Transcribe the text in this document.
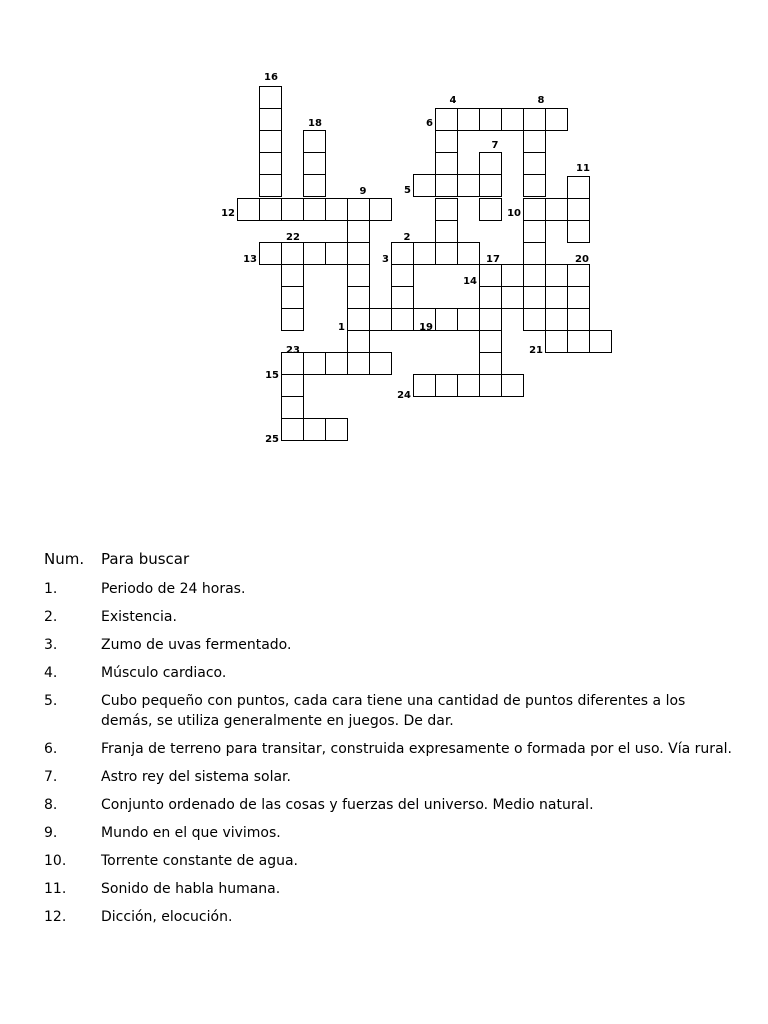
16
4	8
18	6
7
11
9	5
12	10
22	2
13	3	17	20
14
1	19
23	21
15
24
25
Num.	Para buscar
1.	Periodo de 24 horas.
2.	Existencia.
3.	Zumo de uvas fermentado.
4.	Músculo cardiaco.
5.	Cubo pequeño con puntos, cada cara tiene una cantidad de puntos diferentes a los demás, se utiliza generalmente en juegos. De dar.
6.	Franja de terreno para transitar, construida expresamente o formada por el uso. Vía rural.
7.	Astro rey del sistema solar.
8.	Conjunto ordenado de las cosas y fuerzas del universo. Medio natural.
9.	Mundo en el que vivimos.
10.	Torrente constante de agua.
11.	Sonido de habla humana.
12.	Dicción, elocución.
